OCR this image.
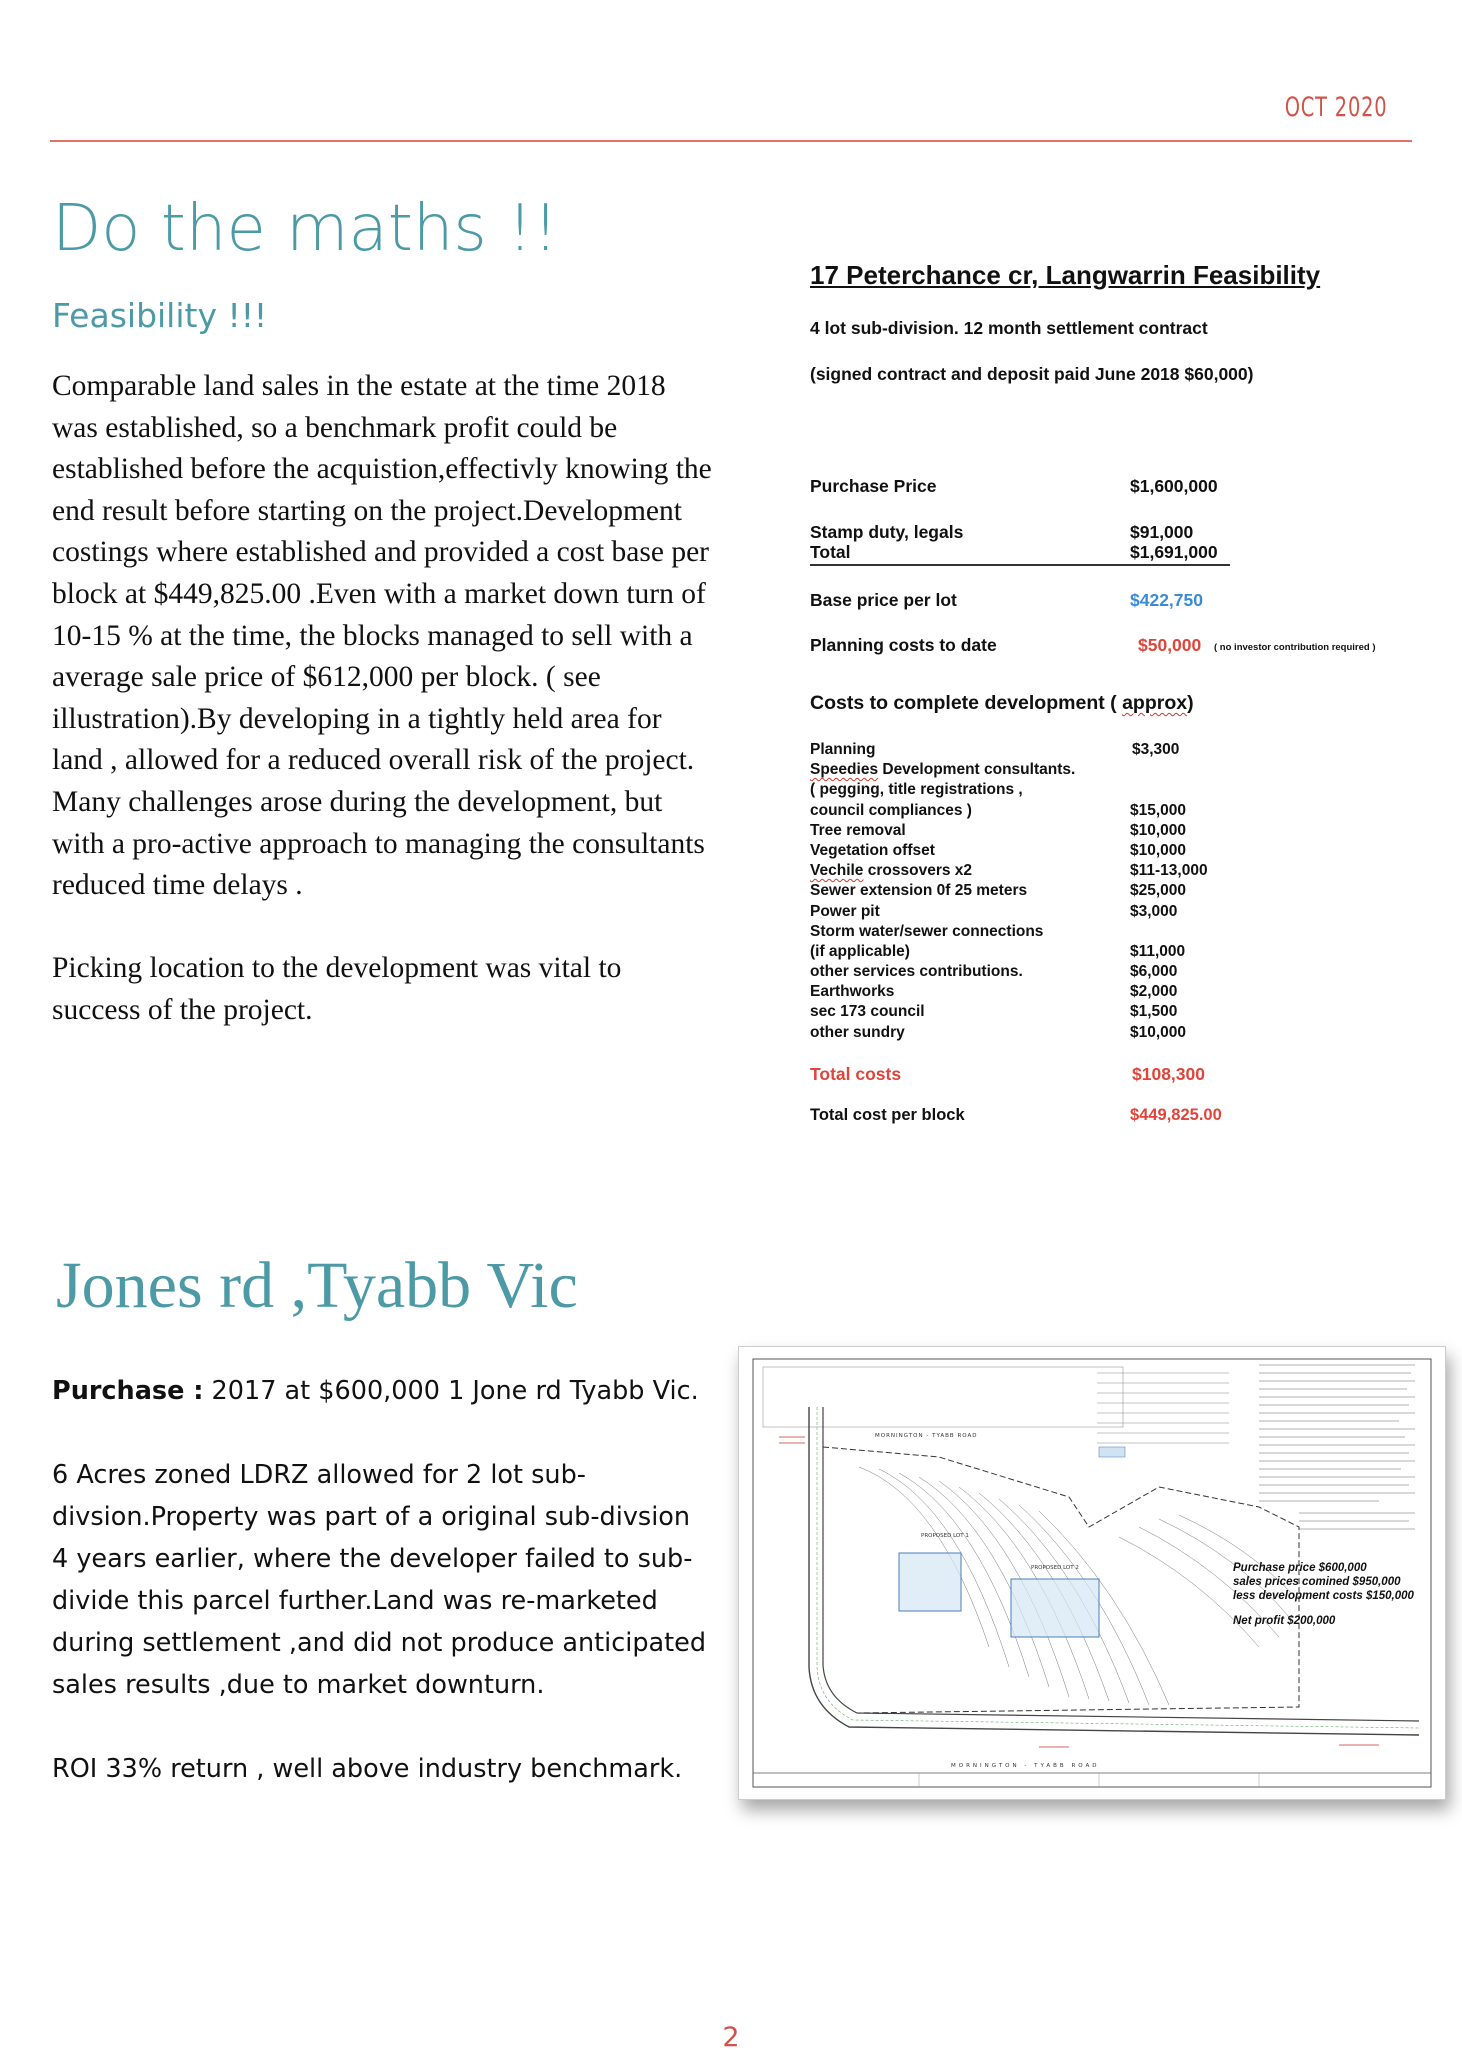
OCT 2020
Do the maths !!
Feasibility !!!

Comparable land sales in the estate at the time 2018 was established, so a benchmark profit could be established before the acquistion,effectivly knowing the end result before starting on the project.Development costings where established and provided a cost base per block at $449,825.00 .Even with a market down turn of 10-15 % at the time, the blocks managed to sell with a average sale price of $612,000 per block. ( see illustration).By developing in a tightly held area for land , allowed for a reduced overall risk of the project. Many challenges arose during the development, but with a pro-active approach to managing the consultants reduced time delays .

Picking location to the development was vital to success of the project.

17 Peterchance cr, Langwarrin Feasibility
4 lot sub-division. 12 month settlement contract
(signed contract and deposit paid June 2018 $60,000)
Purchase Price	$1,600,000
Stamp duty, legals	$91,000
Total	$1,691,000
Base price per lot	$422,750
Planning costs to date	$50,000 ( no investor contribution required )
Costs to complete development ( approx)
Planning	$3,300
Speedies Development consultants.
( pegging, title registrations ,
council compliances )	$15,000
Tree removal	$10,000
Vegetation offset	$10,000
Vechile crossovers x2	$11-13,000
Sewer extension 0f 25 meters	$25,000
Power pit	$3,000
Storm water/sewer connections
(if applicable)	$11,000
other services contributions.	$6,000
Earthworks	$2,000
sec 173 council	$1,500
other sundry	$10,000
Total costs	$108,300
Total cost per block	$449,825.00
Jones rd ,Tyabb Vic

Purchase : 2017 at $600,000 1 Jone rd Tyabb Vic.

6 Acres zoned LDRZ allowed for 2 lot sub-divsion.Property was part of a original sub-divsion 4 years earlier, where the developer failed to sub-divide this parcel further.Land was re-marketed during settlement ,and did not produce anticipated sales results ,due to market downturn.

ROI 33% return , well above industry benchmark.

PROPOSED LOT 1
PROPOSED LOT 2
MORNINGTON - TYABB ROAD
MORNINGTON - TYABB ROAD
Purchase price $600,000
sales prices comined $950,000
less development costs $150,000
Net profit $200,000
2
